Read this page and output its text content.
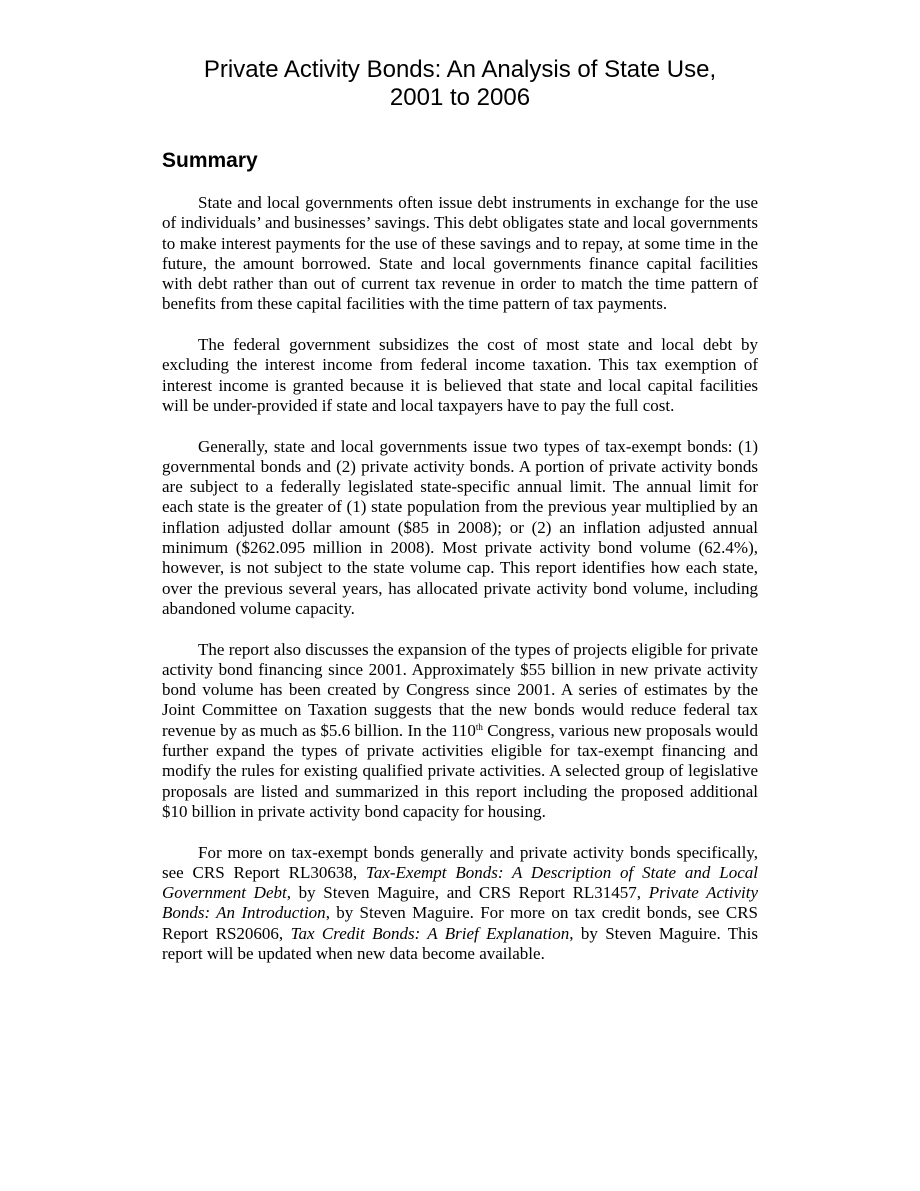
Private Activity Bonds: An Analysis of State Use,
2001 to 2006
Summary

State and local governments often issue debt instruments in exchange for the use of individuals’ and businesses’ savings. This debt obligates state and local governments to make interest payments for the use of these savings and to repay, at some time in the future, the amount borrowed. State and local governments finance capital facilities with debt rather than out of current tax revenue in order to match the time pattern of benefits from these capital facilities with the time pattern of tax payments.

The federal government subsidizes the cost of most state and local debt by excluding the interest income from federal income taxation. This tax exemption of interest income is granted because it is believed that state and local capital facilities will be under-provided if state and local taxpayers have to pay the full cost.

Generally, state and local governments issue two types of tax-exempt bonds: (1) governmental bonds and (2) private activity bonds. A portion of private activity bonds are subject to a federally legislated state-specific annual limit. The annual limit for each state is the greater of (1) state population from the previous year multiplied by an inflation adjusted dollar amount ($85 in 2008); or (2) an inflation adjusted annual minimum ($262.095 million in 2008). Most private activity bond volume (62.4%), however, is not subject to the state volume cap. This report identifies how each state, over the previous several years, has allocated private activity bond volume, including abandoned volume capacity.

The report also discusses the expansion of the types of projects eligible for private activity bond financing since 2001. Approximately $55 billion in new private activity bond volume has been created by Congress since 2001. A series of estimates by the Joint Committee on Taxation suggests that the new bonds would reduce federal tax revenue by as much as $5.6 billion. In the 110th Congress, various new proposals would further expand the types of private activities eligible for tax-exempt financing and modify the rules for existing qualified private activities. A selected group of legislative proposals are listed and summarized in this report including the proposed additional $10 billion in private activity bond capacity for housing.

For more on tax-exempt bonds generally and private activity bonds specifically, see CRS Report RL30638, Tax-Exempt Bonds: A Description of State and Local Government Debt, by Steven Maguire, and CRS Report RL31457, Private Activity Bonds: An Introduction, by Steven Maguire. For more on tax credit bonds, see CRS Report RS20606, Tax Credit Bonds: A Brief Explanation, by Steven Maguire. This report will be updated when new data become available.
